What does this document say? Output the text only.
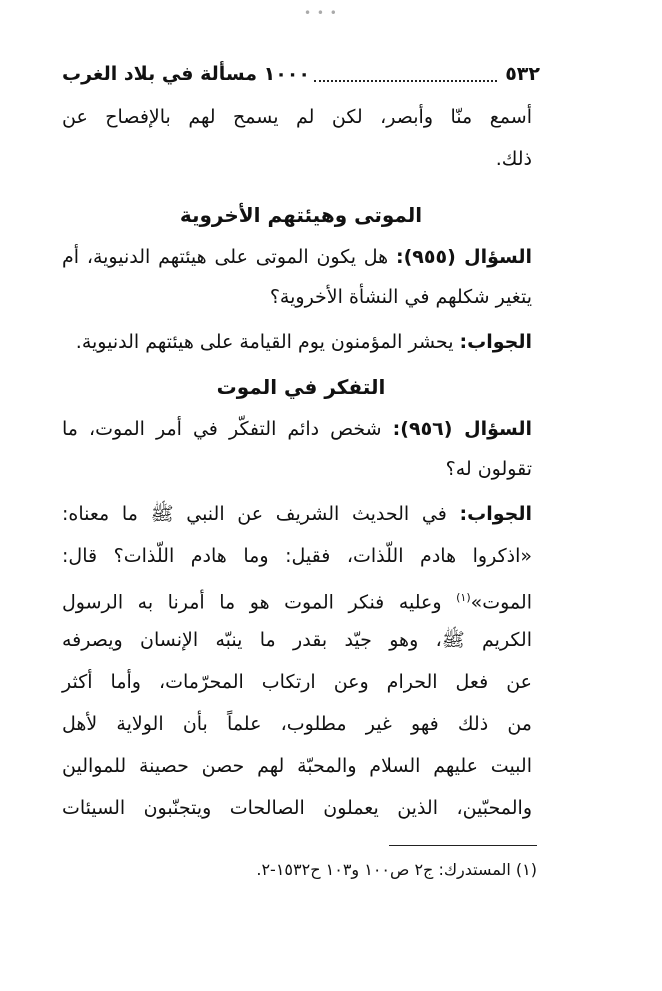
• • •
٥٣٢
١٠٠٠ مسألة في بلاد الغرب
أسمع منّا وأبصر، لكن لم يسمح لهم بالإفصاح عن
ذلك.
الموتى وهيئتهم الأخروية
السؤال (٩٥٥): هل يكون الموتى على هيئتهم الدنيوية، أم
يتغير شكلهم في النشأة الأخروية؟
الجواب: يحشر المؤمنون يوم القيامة على هيئتهم الدنيوية.
التفكر في الموت
السؤال (٩٥٦): شخص دائم التفكّر في أمر الموت، ما
تقولون له؟
الجواب: في الحديث الشريف عن النبي ﷺ ما معناه:
«اذكروا هادم اللّذات، فقيل: وما هادم اللّذات؟ قال:
الموت»$^{(١)}$ وعليه فنكر الموت هو ما أمرنا به الرسول
الكريم ﷺ، وهو جيّد بقدر ما ينبّه الإنسان ويصرفه
عن فعل الحرام وعن ارتكاب المحرّمات، وأما أكثر
من ذلك فهو غير مطلوب، علماً بأن الولاية لأهل
البيت عليهم السلام والمحبّة لهم حصن حصينة للموالين
والمحبّين، الذين يعملون الصالحات ويتجنّبون السيئات
(١) المستدرك: ج٢ ص١٠٠ و١٠٣ ح١٥٣٢-٢.
